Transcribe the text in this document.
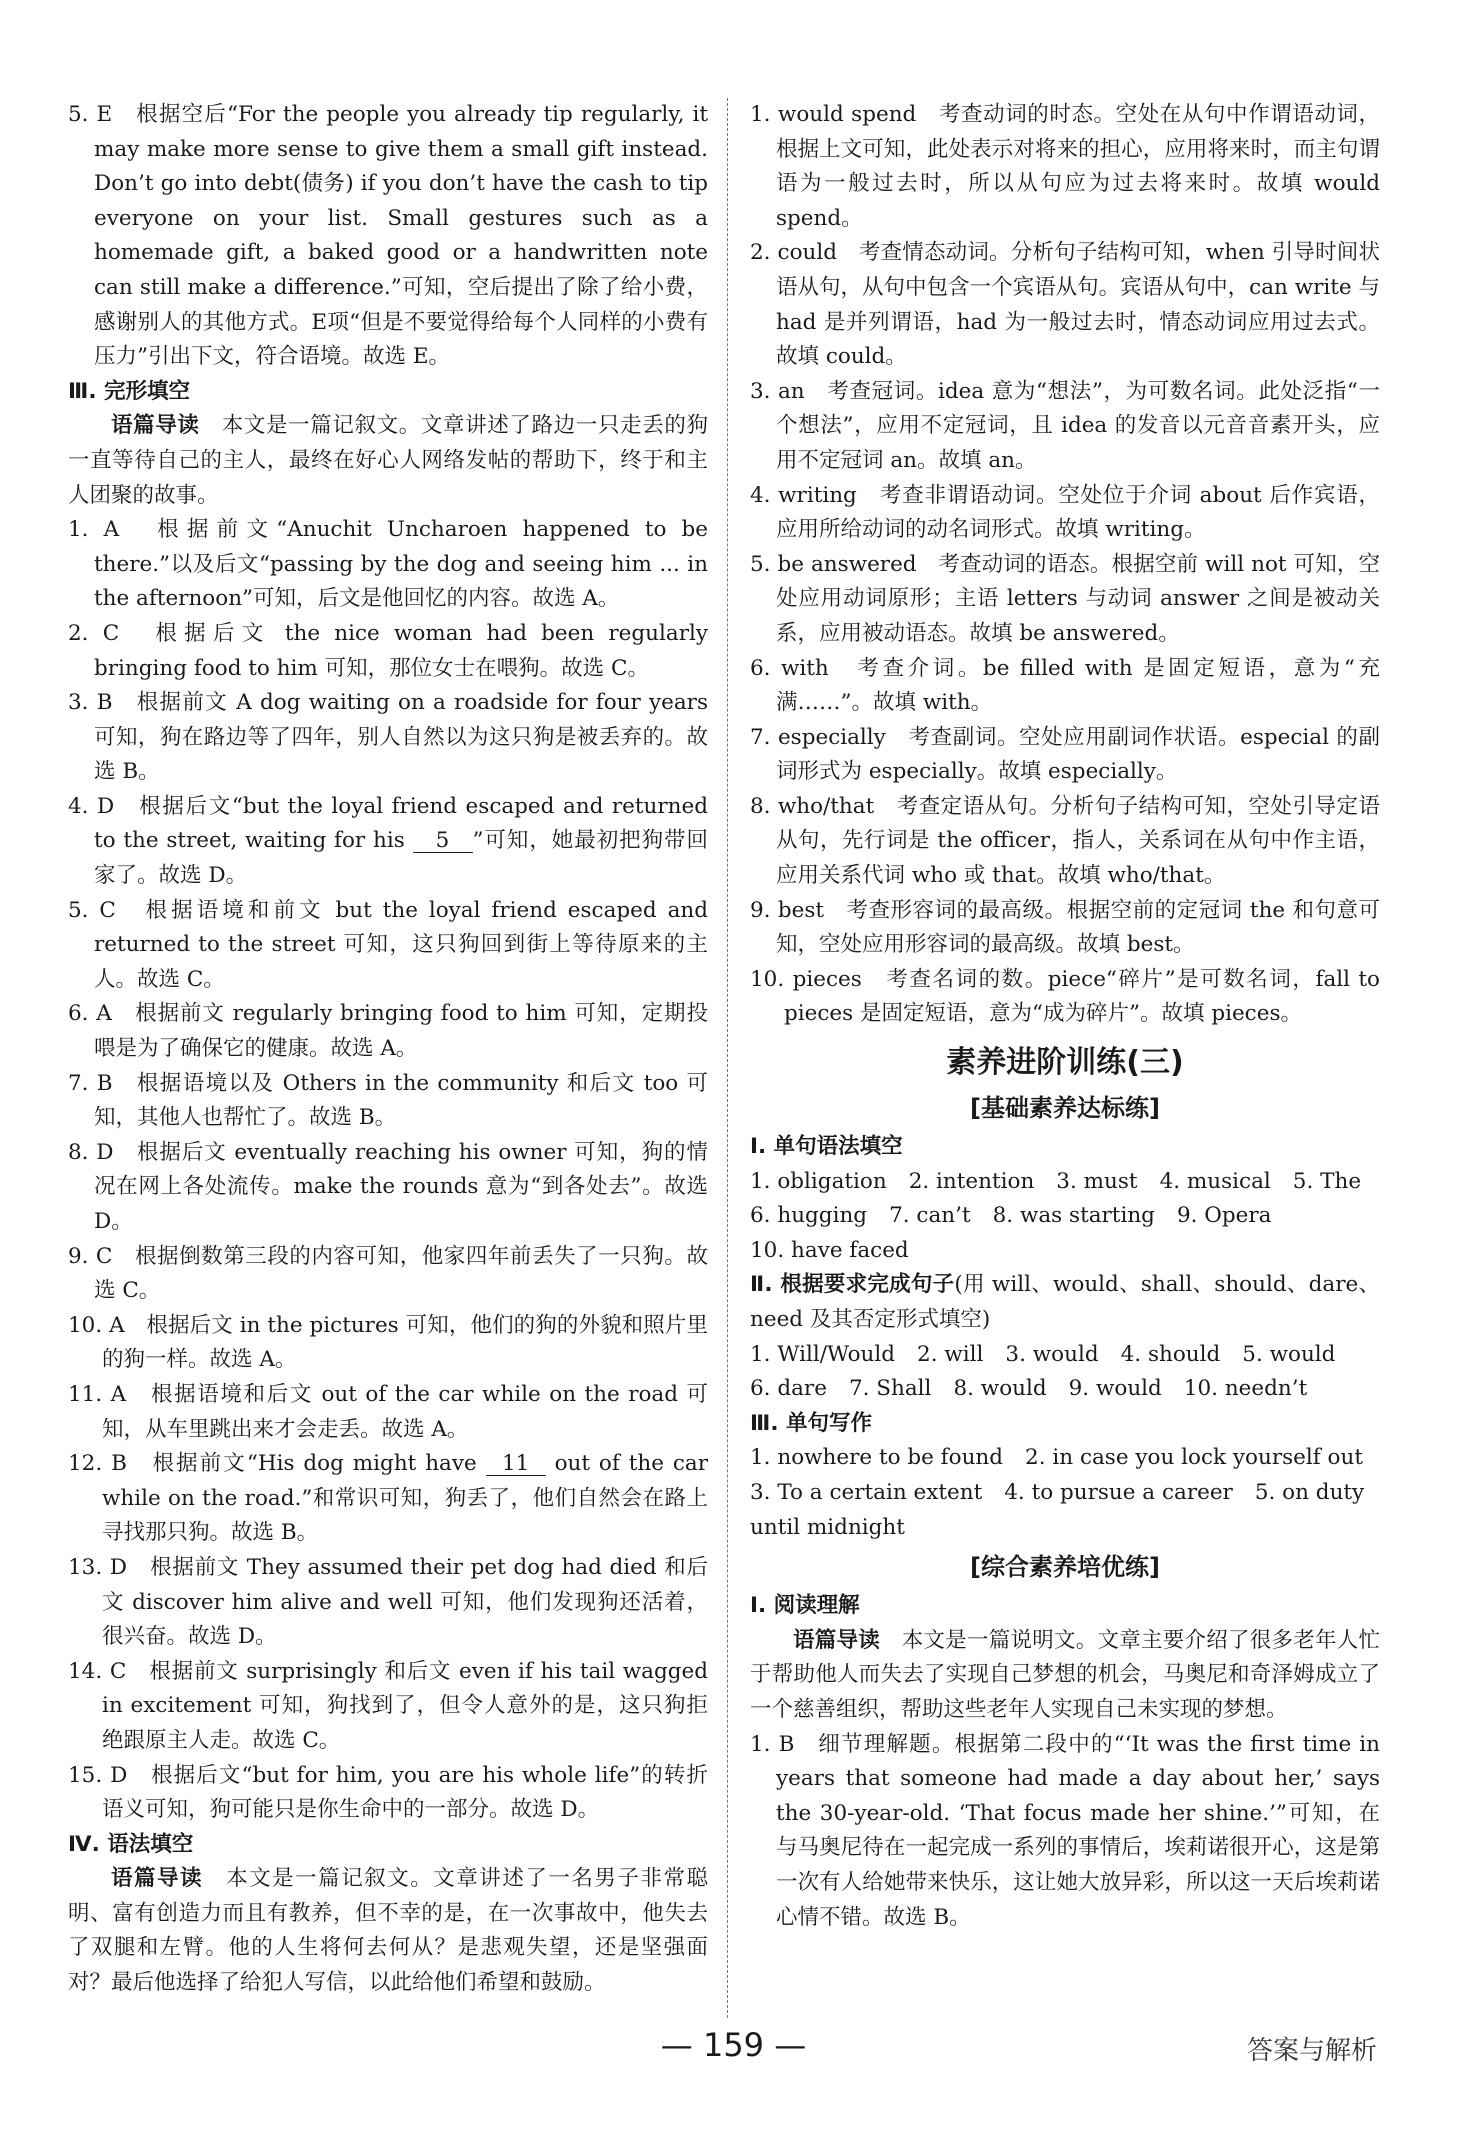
5. E　根据空后“For the people you already tip regularly, it may make more sense to give them a small gift instead. Don’t go into debt(债务) if you don’t have the cash to tip everyone on your list. Small gestures such as a homemade gift, a baked good or a handwritten note can still make a difference.”可知，空后提出了除了给小费，感谢别人的其他方式。E项“但是不要觉得给每个人同样的小费有压力”引出下文，符合语境。故选 E。

Ⅲ. 完形填空

语篇导读　 本文是一篇记叙文。文章讲述了路边一只走丢的狗一直等待自己的主人，最终在好心人网络发帖的帮助下，终于和主人团聚的故事。

1. A　根据前文“Anuchit Uncharoen happened to be there.”以及后文“passing by the dog and seeing him ... in the afternoon”可知，后文是他回忆的内容。故选 A。

2. C　根据后文 the nice woman had been regularly bringing food to him 可知，那位女士在喂狗。故选 C。

3. B　根据前文 A dog waiting on a roadside for four years 可知，狗在路边等了四年，别人自然以为这只狗是被丢弃的。故选 B。

4. D　根据后文“but the loyal friend escaped and returned to the street, waiting for his 5 ”可知，她最初把狗带回家了。故选 D。

5. C　根据语境和前文 but the loyal friend escaped and returned to the street 可知，这只狗回到街上等待原来的主人。故选 C。

6. A　根据前文 regularly bringing food to him 可知，定期投喂是为了确保它的健康。故选 A。

7. B　根据语境以及 Others in the community 和后文 too 可知，其他人也帮忙了。故选 B。

8. D　根据后文 eventually reaching his owner 可知，狗的情况在网上各处流传。make the rounds 意为“到各处去”。故选 D。

9. C　根据倒数第三段的内容可知，他家四年前丢失了一只狗。故选 C。

10. A　根据后文 in the pictures 可知，他们的狗的外貌和照片里的狗一样。故选 A。

11. A　根据语境和后文 out of the car while on the road 可知，从车里跳出来才会走丢。故选 A。

12. B　根据前文“His dog might have 11 out of the car while on the road.”和常识可知，狗丢了，他们自然会在路上寻找那只狗。故选 B。

13. D　根据前文 They assumed their pet dog had died 和后文 discover him alive and well 可知，他们发现狗还活着，很兴奋。故选 D。

14. C　根据前文 surprisingly 和后文 even if his tail wagged in excitement 可知，狗找到了，但令人意外的是，这只狗拒绝跟原主人走。故选 C。

15. D　根据后文“but for him, you are his whole life”的转折语义可知，狗可能只是你生命中的一部分。故选 D。

Ⅳ. 语法填空

语篇导读　 本文是一篇记叙文。文章讲述了一名男子非常聪明、富有创造力而且有教养，但不幸的是，在一次事故中，他失去了双腿和左臂。他的人生将何去何从？是悲观失望，还是坚强面对？最后他选择了给犯人写信，以此给他们希望和鼓励。

1. would spend　考查动词的时态。空处在从句中作谓语动词，根据上文可知，此处表示对将来的担心，应用将来时，而主句谓语为一般过去时，所以从句应为过去将来时。故填 would spend。

2. could　考查情态动词。分析句子结构可知，when 引导时间状语从句，从句中包含一个宾语从句。宾语从句中，can write 与 had 是并列谓语，had 为一般过去时，情态动词应用过去式。故填 could。

3. an　考查冠词。idea 意为“想法”，为可数名词。此处泛指“一个想法”，应用不定冠词，且 idea 的发音以元音音素开头，应用不定冠词 an。故填 an。

4. writing　考查非谓语动词。空处位于介词 about 后作宾语，应用所给动词的动名词形式。故填 writing。

5. be answered　考查动词的语态。根据空前 will not 可知，空处应用动词原形；主语 letters 与动词 answer 之间是被动关系，应用被动语态。故填 be answered。

6. with　考查介词。be filled with 是固定短语，意为“充满……”。故填 with。

7. especially　考查副词。空处应用副词作状语。especial 的副词形式为 especially。故填 especially。

8. who/that　考查定语从句。分析句子结构可知，空处引导定语从句，先行词是 the officer，指人，关系词在从句中作主语，应用关系代词 who 或 that。故填 who/that。

9. best　考查形容词的最高级。根据空前的定冠词 the 和句意可知，空处应用形容词的最高级。故填 best。

10. pieces　考查名词的数。piece“碎片”是可数名词，fall to pieces 是固定短语，意为“成为碎片”。故填 pieces。

素养进阶训练(三)
[基础素养达标练]

Ⅰ. 单句语法填空

1. obligation 2. intention 3. must 4. musical 5. The
6. hugging 7. can’t 8. was starting 9. Opera
10. have faced

Ⅱ. 根据要求完成句子(用 will、would、shall、should、dare、need 及其否定形式填空)

1. Will/Would 2. will 3. would 4. should 5. would
6. dare 7. Shall 8. would 9. would 10. needn’t

Ⅲ. 单句写作

1. nowhere to be found 2. in case you lock yourself out
3. To a certain extent 4. to pursue a career 5. on duty

until midnight

[综合素养培优练]

Ⅰ. 阅读理解

语篇导读　 本文是一篇说明文。文章主要介绍了很多老年人忙于帮助他人而失去了实现自己梦想的机会，马奥尼和奇泽姆成立了一个慈善组织，帮助这些老年人实现自己未实现的梦想。

1. B　细节理解题。根据第二段中的“‘It was the first time in years that someone had made a day about her,’ says the 30-year-old. ‘That focus made her shine.’”可知，在与马奥尼待在一起完成一系列的事情后，埃莉诺很开心，这是第一次有人给她带来快乐，这让她大放异彩，所以这一天后埃莉诺心情不错。故选 B。

— 159 —	答案与解析
